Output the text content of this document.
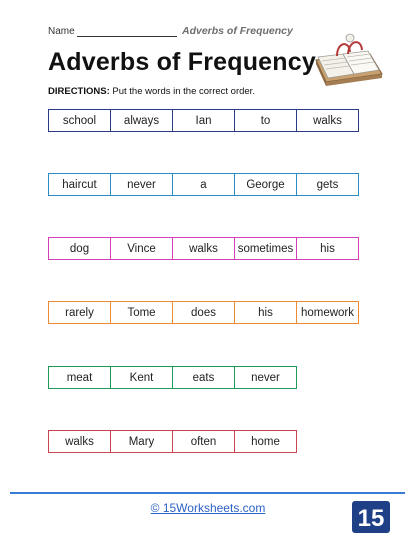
Name	Adverbs of Frequency
Adverbs of Frequency
DIRECTIONS: Put the words in the correct order.
school	always	Ian	to	walks
haircut	never	a	George	gets
dog	Vince	walks	sometimes	his
rarely	Tome	does	his	homework
meat	Kent	eats	never
walks	Mary	often	home
© 15Worksheets.com	15
